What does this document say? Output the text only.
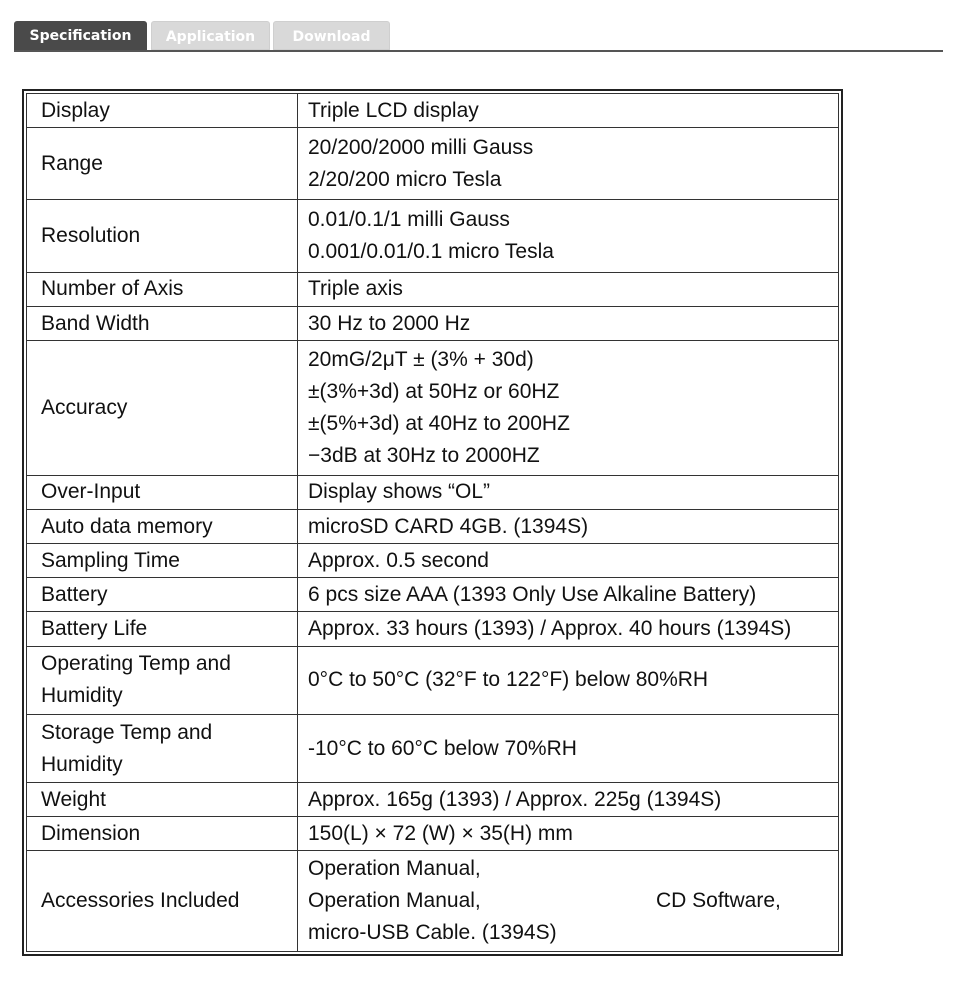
Specification	Application	Download
Display	Triple LCD display

Range	20/200/2000 milli Gauss
2/20/200 micro Tesla

Resolution	0.01/0.1/1 milli Gauss
0.001/0.01/0.1 micro Tesla

Number of Axis	Triple axis

Band Width	30 Hz to 2000 Hz

Accuracy	20mG/2μT ± (3% + 30d)
±(3%+3d) at 50Hz or 60HZ
±(5%+3d) at 40Hz to 200HZ
−3dB at 30Hz to 2000HZ

Over-Input	Display shows “OL”

Auto data memory	microSD CARD 4GB. (1394S)

Sampling Time	Approx. 0.5 second

Battery	6 pcs size AAA (1393 Only Use Alkaline Battery)

Battery Life	Approx. 33 hours (1393) / Approx. 40 hours (1394S)

Operating Temp and Humidity	0°C to 50°C (32°F to 122°F) below 80%RH

Storage Temp and Humidity	-10°C to 60°C below 70%RH

Weight	Approx. 165g (1393) / Approx. 225g (1394S)

Dimension	150(L) × 72 (W) × 35(H) mm

Accessories Included	Operation Manual,
Operation Manual, CD Software,
micro-USB Cable. (1394S)
